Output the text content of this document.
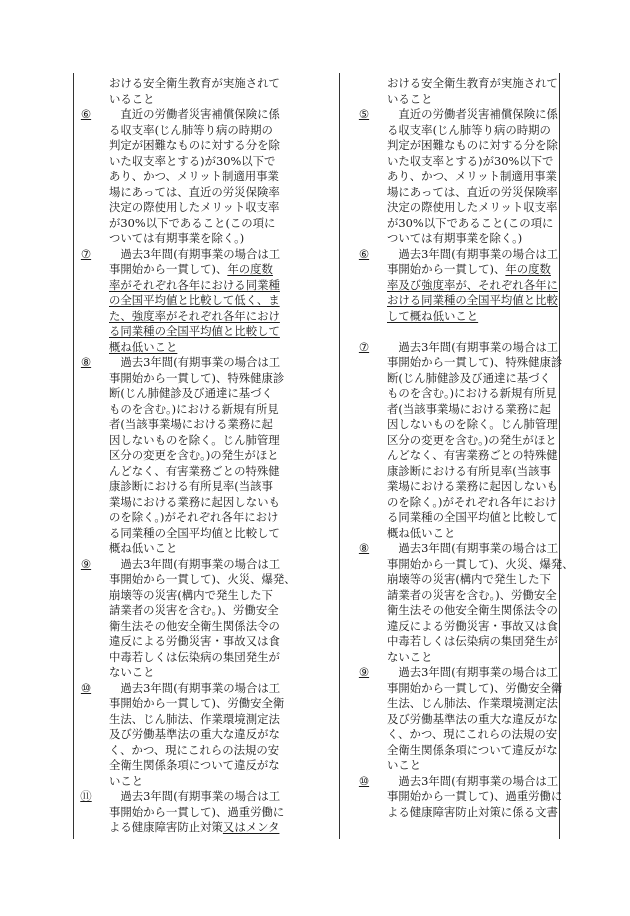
おける安全衛生教育が実施されて
いること

⑥	直近の労働者災害補償保険に係
る収支率(じん肺等り病の時期の
判定が困難なものに対する分を除
いた収支率とする)が30%以下で
あり、かつ、メリット制適用事業
場にあっては、直近の労災保険率
決定の際使用したメリット収支率
が30%以下であること(この項に
ついては有期事業を除く。)
⑦	過去3年間(有期事業の場合は工
事開始から一貫して)、年の度数
率がそれぞれ各年における同業種
の全国平均値と比較して低く、ま
た、強度率がそれぞれ各年におけ
る同業種の全国平均値と比較して
概ね低いこと
⑧	過去3年間(有期事業の場合は工
事開始から一貫して)、特殊健康診
断(じん肺健診及び通達に基づく
ものを含む。)における新規有所見
者(当該事業場における業務に起
因しないものを除く。じん肺管理
区分の変更を含む。)の発生がほと
んどなく、有害業務ごとの特殊健
康診断における有所見率(当該事
業場における業務に起因しないも
のを除く。)がそれぞれ各年におけ
る同業種の全国平均値と比較して
概ね低いこと
⑨	過去3年間(有期事業の場合は工
事開始から一貫して)、火災、爆発、
崩壊等の災害(構内で発生した下
請業者の災害を含む。)、労働安全
衛生法その他安全衛生関係法令の
違反による労働災害・事故又は食
中毒若しくは伝染病の集団発生が
ないこと
⑩	過去3年間(有期事業の場合は工
事開始から一貫して)、労働安全衛
生法、じん肺法、作業環境測定法
及び労働基準法の重大な違反がな
く、かつ、現にこれらの法規の安
全衛生関係条項について違反がな
いこと
⑪	過去3年間(有期事業の場合は工
事開始から一貫して)、過重労働に
よる健康障害防止対策又はメンタ

おける安全衛生教育が実施されて
いること

⑤	直近の労働者災害補償保険に係
る収支率(じん肺等り病の時期の
判定が困難なものに対する分を除
いた収支率とする)が30%以下で
あり、かつ、メリット制適用事業
場にあっては、直近の労災保険率
決定の際使用したメリット収支率
が30%以下であること(この項に
ついては有期事業を除く。)
⑥	過去3年間(有期事業の場合は工
事開始から一貫して)、年の度数
率及び強度率が、それぞれ各年に
おける同業種の全国平均値と比較
して概ね低いこと
⑦	過去3年間(有期事業の場合は工
事開始から一貫して)、特殊健康診
断(じん肺健診及び通達に基づく
ものを含む。)における新規有所見
者(当該事業場における業務に起
因しないものを除く。じん肺管理
区分の変更を含む。)の発生がほと
んどなく、有害業務ごとの特殊健
康診断における有所見率(当該事
業場における業務に起因しないも
のを除く。)がそれぞれ各年におけ
る同業種の全国平均値と比較して
概ね低いこと
⑧	過去3年間(有期事業の場合は工
事開始から一貫して)、火災、爆発、
崩壊等の災害(構内で発生した下
請業者の災害を含む。)、労働安全
衛生法その他安全衛生関係法令の
違反による労働災害・事故又は食
中毒若しくは伝染病の集団発生が
ないこと
⑨	過去3年間(有期事業の場合は工
事開始から一貫して)、労働安全衛
生法、じん肺法、作業環境測定法
及び労働基準法の重大な違反がな
く、かつ、現にこれらの法規の安
全衛生関係条項について違反がな
いこと
⑩	過去3年間(有期事業の場合は工
事開始から一貫して)、過重労働に
よる健康障害防止対策に係る文書
